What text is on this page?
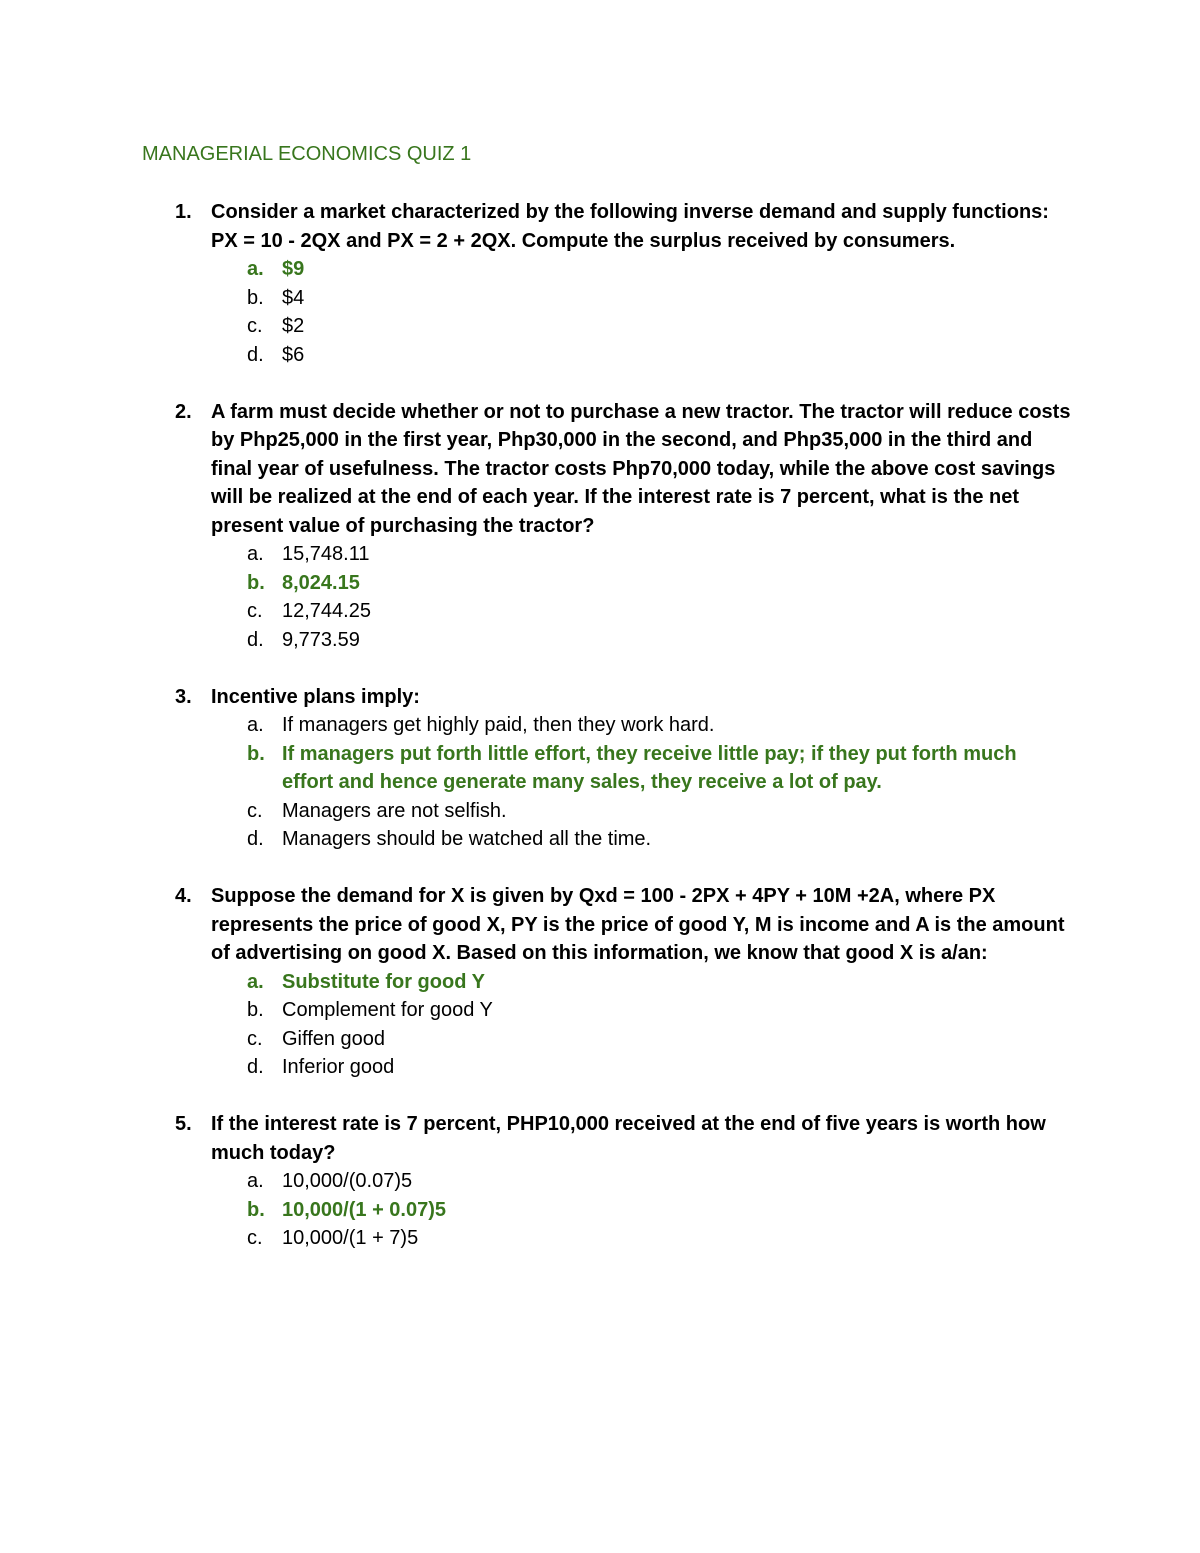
MANAGERIAL ECONOMICS QUIZ 1
1. Consider a market characterized by the following inverse demand and supply functions: PX = 10 - 2QX and PX = 2 + 2QX. Compute the surplus received by consumers.

a. $9
b. $4
c. $2
d. $6
2. A farm must decide whether or not to purchase a new tractor. The tractor will reduce costs by Php25,000 in the first year, Php30,000 in the second, and Php35,000 in the third and final year of usefulness. The tractor costs Php70,000 today, while the above cost savings will be realized at the end of each year. If the interest rate is 7 percent, what is the net present value of purchasing the tractor?

a. 15,748.11
b. 8,024.15
c. 12,744.25
d. 9,773.59
3. Incentive plans imply:

a. If managers get highly paid, then they work hard.
b. If managers put forth little effort, they receive little pay; if they put forth much effort and hence generate many sales, they receive a lot of pay.
c. Managers are not selfish.
d. Managers should be watched all the time.
4. Suppose the demand for X is given by Qxd = 100 - 2PX + 4PY + 10M +2A, where PX represents the price of good X, PY is the price of good Y, M is income and A is the amount of advertising on good X. Based on this information, we know that good X is a/an:

a. Substitute for good Y
b. Complement for good Y
c. Giffen good
d. Inferior good
5. If the interest rate is 7 percent, PHP10,000 received at the end of five years is worth how much today?

a. 10,000/(0.07)5
b. 10,000/(1 + 0.07)5
c. 10,000/(1 + 7)5
